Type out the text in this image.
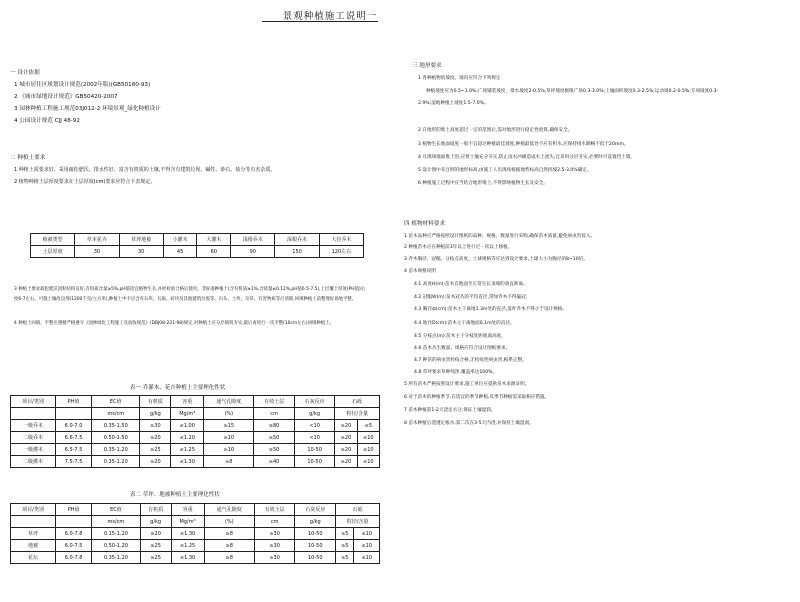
景观种植施工说明一
一 设计依据
1 城市居住区规划设计规范(2002年版)(GB50180-93)
2 《城市绿地设计规范》GB50420-2007
3 园林种植工程施工规范03J012-2 环境景观_绿化种植设计
4 公园设计规范 CJJ 48-92
二 种植土要求
1 种植土质要求好、采用疏松肥沃、排水性好、富含有机质的土壤,不得含有建筑垃圾、碱性、砂石、盐分等有害杂质。
2 植物种植土层厚度要求在土层厚度(cm)要求应符合下表规定。
植被类型	草本花卉	草坪地被	小灌木	大灌木	浅根乔木	深根乔木	大径乔木
土层厚度	30	30	45	60	90	150	120左右
3 种植土要求疏松肥沃团粒结构良好,有机质含量≥5%,pH值适宜植物生长,并经检验合格后使用。非标准种植土(含有机质≥1%,含盐量≤0.12%,pH值6.5-7.5),上层覆土厚度(PH值)后
度6-7左右。可施土壤改良剂(1200千克/立方米),种植土中不应含有石块、瓦砾、砖块及其他建筑垃圾等。石头、土块、杂草、有害物质等应清除,回填种植土前整理好场地平整。
4 种植土回填、平整应遵循严格遵守《园林绿化工程施工及验收规范》(DBJ08-231-98)规定,对种植土应分层填筑夯实,最后再进行一次平整(10cm左右)回填种植土。
表一 乔灌木、花卉种植土主要理化性状
项目/类别	PH值	EC值	有机质	容重	通气孔隙度	有效土层	石灰反应	石砾	
		ms/cm	g/kg	Mg/m³	(%)	cm	g/kg	粒径/含量	
一级乔木	6.0-7.0	0.35-1.50	≥30	≤1.00	≥15	≥80	<10	≥20	≤5
二级乔木	6.6-7.5	0.50-1.50	≥20	≤1.20	≥10	≥50	<10	≥20	≤10
一级灌木	6.5-7.5	0.35-1.20	≥25	≤1.25	≥10	≥50	10-50	≥20	≤10
二级灌木	7.5-7.5	0.35-1.20	≥20	≤1.30	≥8	≥40	10-50	≥20	≤10
表二 草坪、地被种植土主要理化性状
项目/类别	PH值	EC值	有机质	容重	通气孔隙度	有效土层	石灰反应	石砾	
		ms/cm	g/kg	Mg/m³	(%)	cm	g/kg	粒径/含量	
草坪	6.0-7.8	0.15-1.20	≥20	≤1.30	≥8	≥30	10-50	≥5	≤10
地被	6.0-7.5	0.50-1.20	≥25	≤1.25	≥8	≥30	10-50	≥5	≤10
花坛	6.0-7.8	0.35-1.20	≥25	≤1.30	≥8	≥30	10-50	≥5	≤10
三 地形要求
1 各种植物的坡度、坡向应符合下列规定
种植坡度应为0.5~1.0%;广场铺装坡度、排水坡度2-0.5%,草坪坡度极限广场0.3-3.0%;土壤面积坡度0.3-2.5%;运动场0.2-0.5%;专项坡度0.3-
2.9%;湿地种植土坡度1.5-7.0%。
2 在地形的堆土高度超过一定的范围后,需对地形进行稳定性验算,确保安全。
3 植物生长地面坡度一般不宜超过种植最佳坡度,种植最低处不应有积水,应保持排水顺畅不低于20mm。
4 凡现场地面堆土的,应将土壤充分夯实,防止雨水冲刷造成水土流失,宜采用分层夯实,必要时可设置挡土墙。
5 设计图中未注明的地形标高,由施工人员现场根据地势标高自然找坡2.5-3.0%确定。
6 种植施工过程中应当结合地形堆土,不得影响植物生长及安全。
四 植物材料要求
1 苗木品种应严格按照设计图纸的品种、规格、数量进行采购,确保苗木质量,避免病虫害侵入。
2 种植苗木应在种植前3年以上进行过一次以上移植。
3 乔木胸径、冠幅、分枝点高度、土球规格等应达到设计要求,土球大小为胸径的8~10倍。
4 苗木规格说明
4.1 高度H(m):苗木自地面至正常生长顶端的垂直距离。
4.2 冠幅W(m):苗木冠丛的平均直径,常绿乔木不得偏冠。
4.3 胸径ф(cm):苗木主干离地1.3m处的直径,落叶乔木不得小于设计规格。
4.4 地径D(cm):苗木主干离地面0.1m处的直径。
4.5 分枝点(m):苗木主干分枝处距地面高度。
4.6 苗木丛生数量、规格应符合设计图纸要求。
4.7 种苗的病虫害检疫合格,无检疫性病虫害,根系完整。
4.8 草坪要求草种纯净,覆盖率达100%。
5 所有苗木严格按照设计要求,施工单位应提供苗木来源证明。
6 对于苗木的种植季节,在适宜的季节种植,反季节种植需采取相应措施。
7 苗木种植前1-2天浇足水分,保证土壤湿润。
8 苗木种植后浇透定根水,第二次在3-5天内浇,并保持土壤湿润。
